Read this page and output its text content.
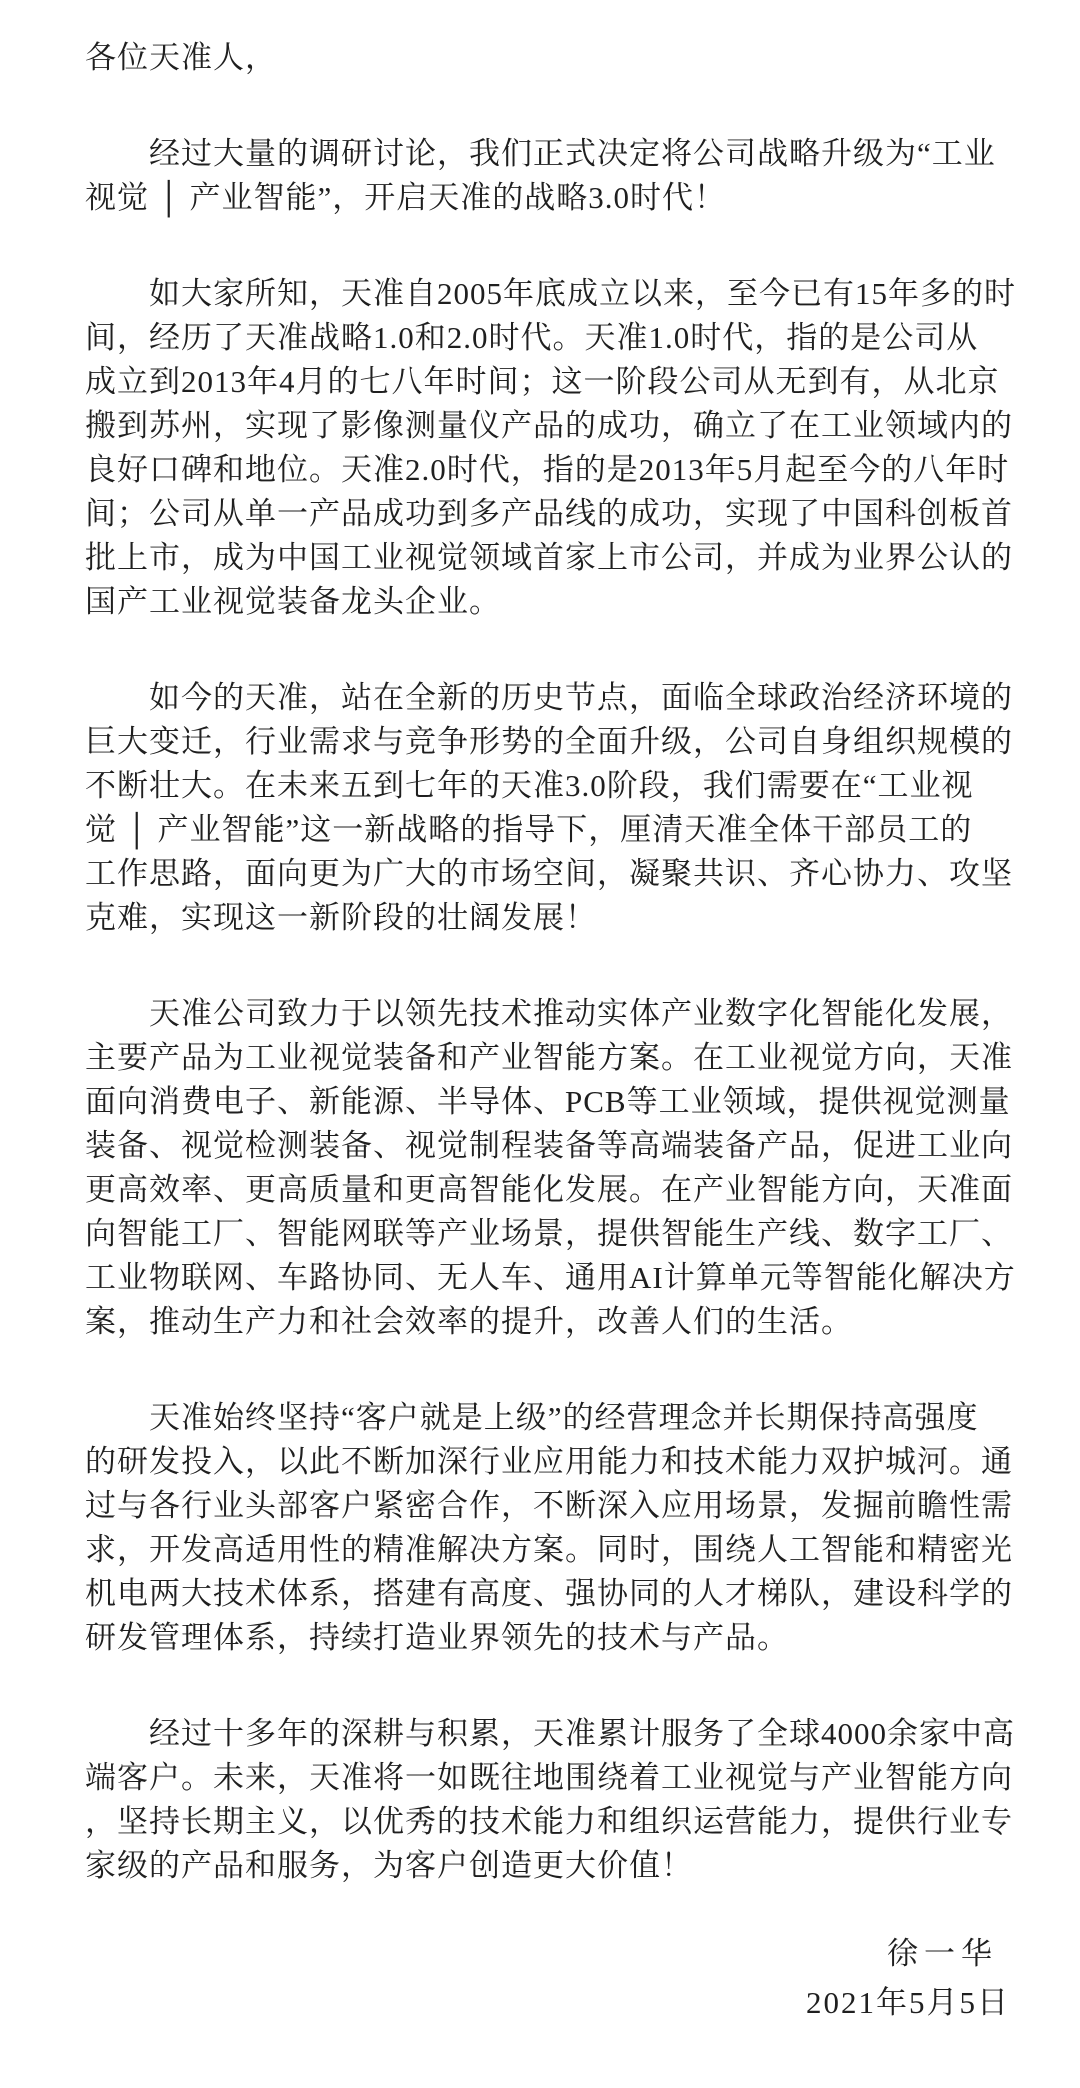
各位天准人，

经过大量的调研讨论，我们正式决定将公司战略升级为“工业
视觉 │ 产业智能”，开启天准的战略3.0时代！
如大家所知，天准自2005年底成立以来，至今已有15年多的时
间，经历了天准战略1.0和2.0时代。天准1.0时代，指的是公司从
成立到2013年4月的七八年时间；这一阶段公司从无到有，从北京
搬到苏州，实现了影像测量仪产品的成功，确立了在工业领域内的
良好口碑和地位。天准2.0时代，指的是2013年5月起至今的八年时
间；公司从单一产品成功到多产品线的成功，实现了中国科创板首
批上市，成为中国工业视觉领域首家上市公司，并成为业界公认的
国产工业视觉装备龙头企业。
如今的天准，站在全新的历史节点，面临全球政治经济环境的
巨大变迁，行业需求与竞争形势的全面升级，公司自身组织规模的
不断壮大。在未来五到七年的天准3.0阶段，我们需要在“工业视
觉 │ 产业智能”这一新战略的指导下，厘清天准全体干部员工的
工作思路，面向更为广大的市场空间，凝聚共识、齐心协力、攻坚
克难，实现这一新阶段的壮阔发展！
天准公司致力于以领先技术推动实体产业数字化智能化发展，
主要产品为工业视觉装备和产业智能方案。在工业视觉方向，天准
面向消费电子、新能源、半导体、PCB等工业领域，提供视觉测量
装备、视觉检测装备、视觉制程装备等高端装备产品，促进工业向
更高效率、更高质量和更高智能化发展。在产业智能方向，天准面
向智能工厂、智能网联等产业场景，提供智能生产线、数字工厂、
工业物联网、车路协同、无人车、通用AI计算单元等智能化解决方
案，推动生产力和社会效率的提升，改善人们的生活。
天准始终坚持“客户就是上级”的经营理念并长期保持高强度
的研发投入，以此不断加深行业应用能力和技术能力双护城河。通
过与各行业头部客户紧密合作，不断深入应用场景，发掘前瞻性需
求，开发高适用性的精准解决方案。同时，围绕人工智能和精密光
机电两大技术体系，搭建有高度、强协同的人才梯队，建设科学的
研发管理体系，持续打造业界领先的技术与产品。
经过十多年的深耕与积累，天准累计服务了全球4000余家中高
端客户。未来，天准将一如既往地围绕着工业视觉与产业智能方向
，坚持长期主义，以优秀的技术能力和组织运营能力，提供行业专
家级的产品和服务，为客户创造更大价值！

徐一华

2021年5月5日
